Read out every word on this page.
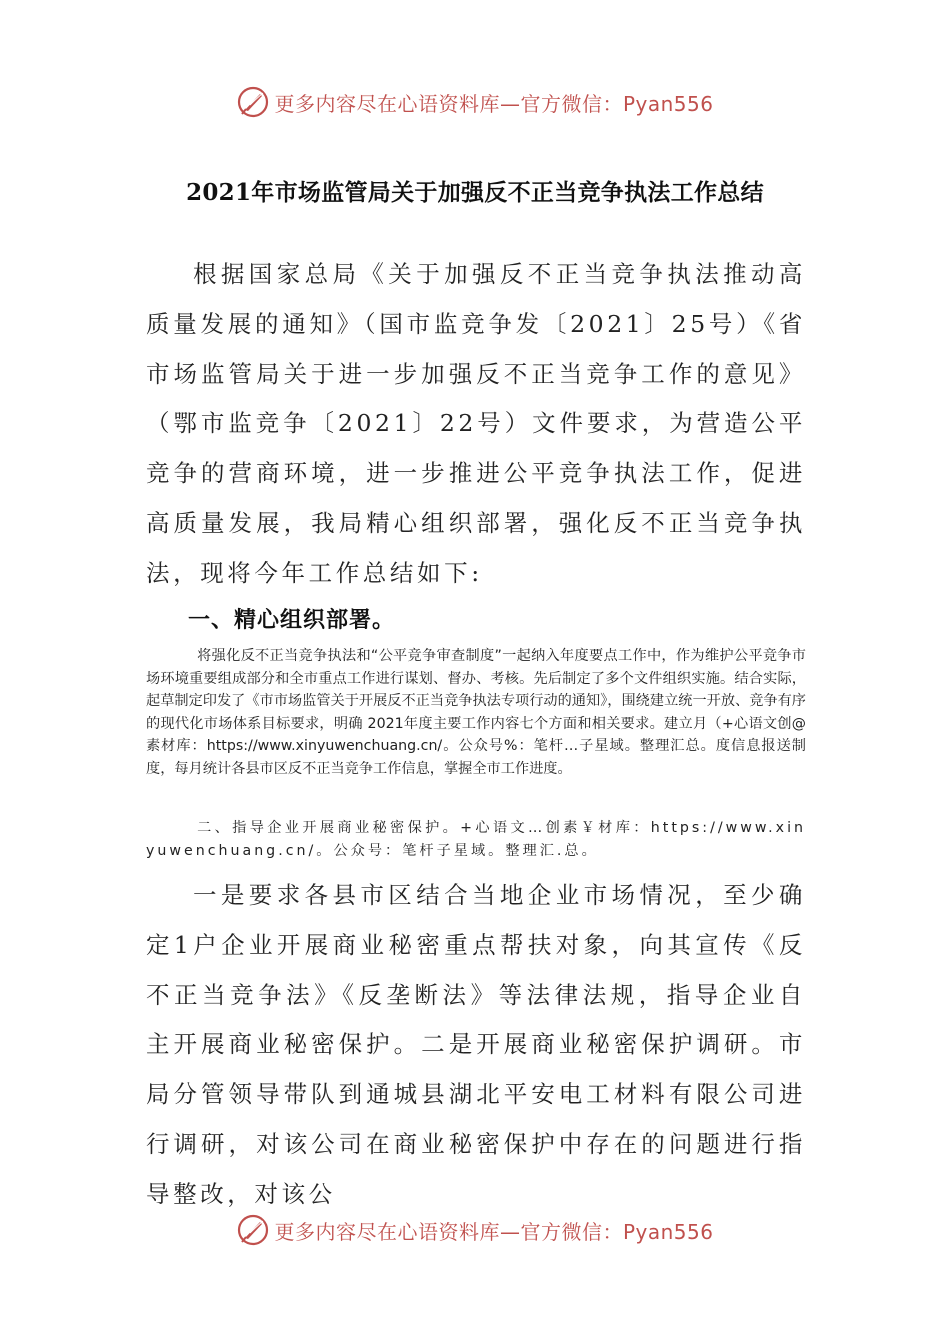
更多内容尽在心语资料库—官方微信：Pyan556
2021年市场监管局关于加强反不正当竞争执法工作总结

根据国家总局《关于加强反不正当竞争执法推动高质量发展的通知》（国市监竞争发〔2021〕25号）《省市场监管局关于进一步加强反不正当竞争工作的意见》（鄂市监竞争〔2021〕22号）文件要求，为营造公平竞争的营商环境，进一步推进公平竞争执法工作，促进高质量发展，我局精心组织部署，强化反不正当竞争执法，现将今年工作总结如下:

一、精心组织部署。

将强化反不正当竞争执法和“公平竞争审查制度”一起纳入年度要点工作中，作为维护公平竞争市场环境重要组成部分和全市重点工作进行谋划、督办、考核。先后制定了多个文件组织实施。结合实际，起草制定印发了《市市场监管关于开展反不正当竞争执法专项行动的通知》，围绕建立统一开放、竞争有序的现代化市场体系目标要求，明确 2021年度主要工作内容七个方面和相关要求。建立月（+心语文创@素材库：https://www.xinyuwenchuang.cn/。公众号%：笔杆…子星域。整理汇总。度信息报送制度，每月统计各县市区反不正当竞争工作信息，掌握全市工作进度。

二、指导企业开展商业秘密保护。+心语文…创素￥材库：https://www.xinyuwenchuang.cn/。公众号：笔杆子星域。整理汇.总。

一是要求各县市区结合当地企业市场情况，至少确定1户企业开展商业秘密重点帮扶对象，向其宣传《反不正当竞争法》《反垄断法》等法律法规，指导企业自主开展商业秘密保护。二是开展商业秘密保护调研。市局分管领导带队到通城县湖北平安电工材料有限公司进行调研，对该公司在商业秘密保护中存在的问题进行指导整改，对该公

更多内容尽在心语资料库—官方微信：Pyan556
